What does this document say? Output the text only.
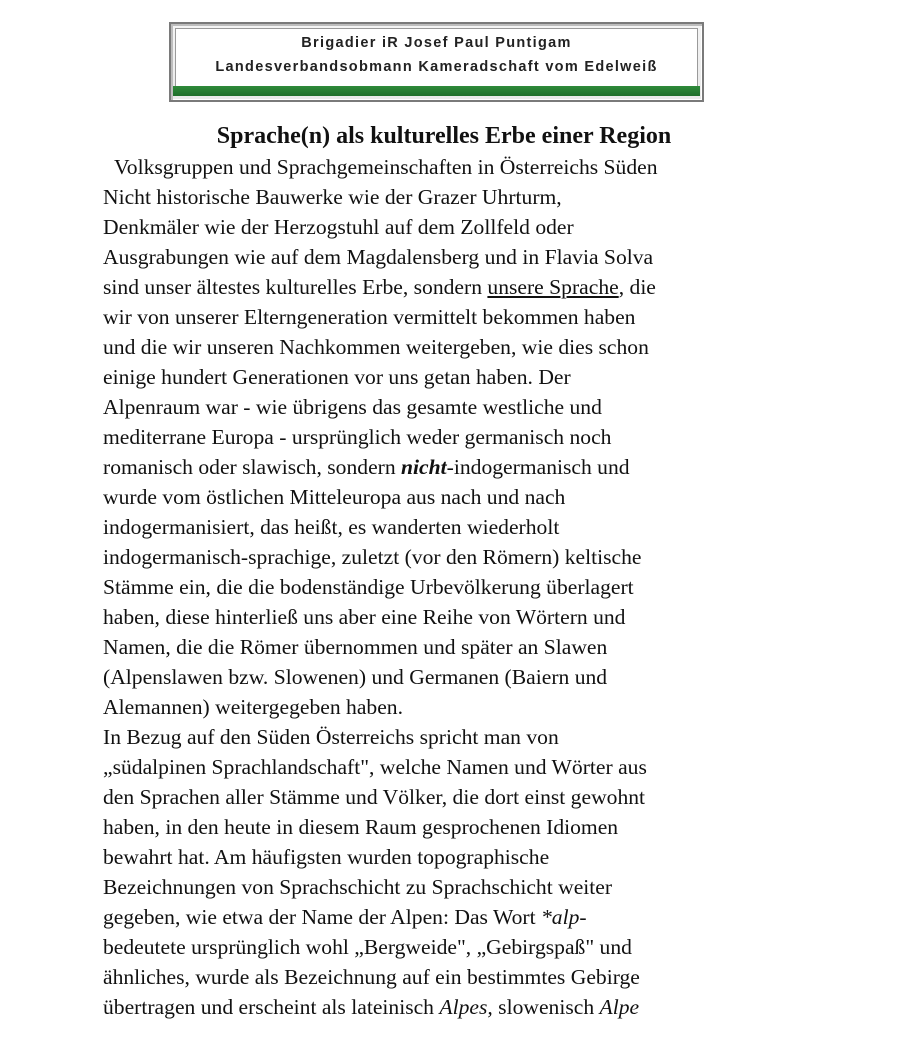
Brigadier iR Josef Paul Puntigam
Landesverbandsobmann Kameradschaft vom Edelweiß
Sprache(n) als kulturelles Erbe einer Region
Volksgruppen und Sprachgemeinschaften in Österreichs Süden
Nicht historische Bauwerke wie der Grazer Uhrturm,
Denkmäler wie der Herzogstuhl auf dem Zollfeld oder
Ausgrabungen wie auf dem Magdalensberg und in Flavia Solva
sind unser ältestes kulturelles Erbe, sondern unsere Sprache, die
wir von unserer Elterngeneration vermittelt bekommen haben
und die wir unseren Nachkommen weitergeben, wie dies schon
einige hundert Generationen vor uns getan haben. Der
Alpenraum war - wie übrigens das gesamte westliche und
mediterrane Europa - ursprünglich weder germanisch noch
romanisch oder slawisch, sondern nicht-indogermanisch und
wurde vom östlichen Mitteleuropa aus nach und nach
indogermanisiert, das heißt, es wanderten wiederholt
indogermanisch-sprachige, zuletzt (vor den Römern) keltische
Stämme ein, die die bodenständige Urbevölkerung überlagert
haben, diese hinterließ uns aber eine Reihe von Wörtern und
Namen, die die Römer übernommen und später an Slawen
(Alpenslawen bzw. Slowenen) und Germanen (Baiern und
Alemannen) weitergegeben haben.
In Bezug auf den Süden Österreichs spricht man von
„südalpinen Sprachlandschaft", welche Namen und Wörter aus
den Sprachen aller Stämme und Völker, die dort einst gewohnt
haben, in den heute in diesem Raum gesprochenen Idiomen
bewahrt hat. Am häufigsten wurden topographische
Bezeichnungen von Sprachschicht zu Sprachschicht weiter
gegeben, wie etwa der Name der Alpen: Das Wort *alp-
bedeutete ursprünglich wohl „Bergweide", „Gebirgspaß" und
ähnliches, wurde als Bezeichnung auf ein bestimmtes Gebirge
übertragen und erscheint als lateinisch Alpes, slowenisch Alpe
